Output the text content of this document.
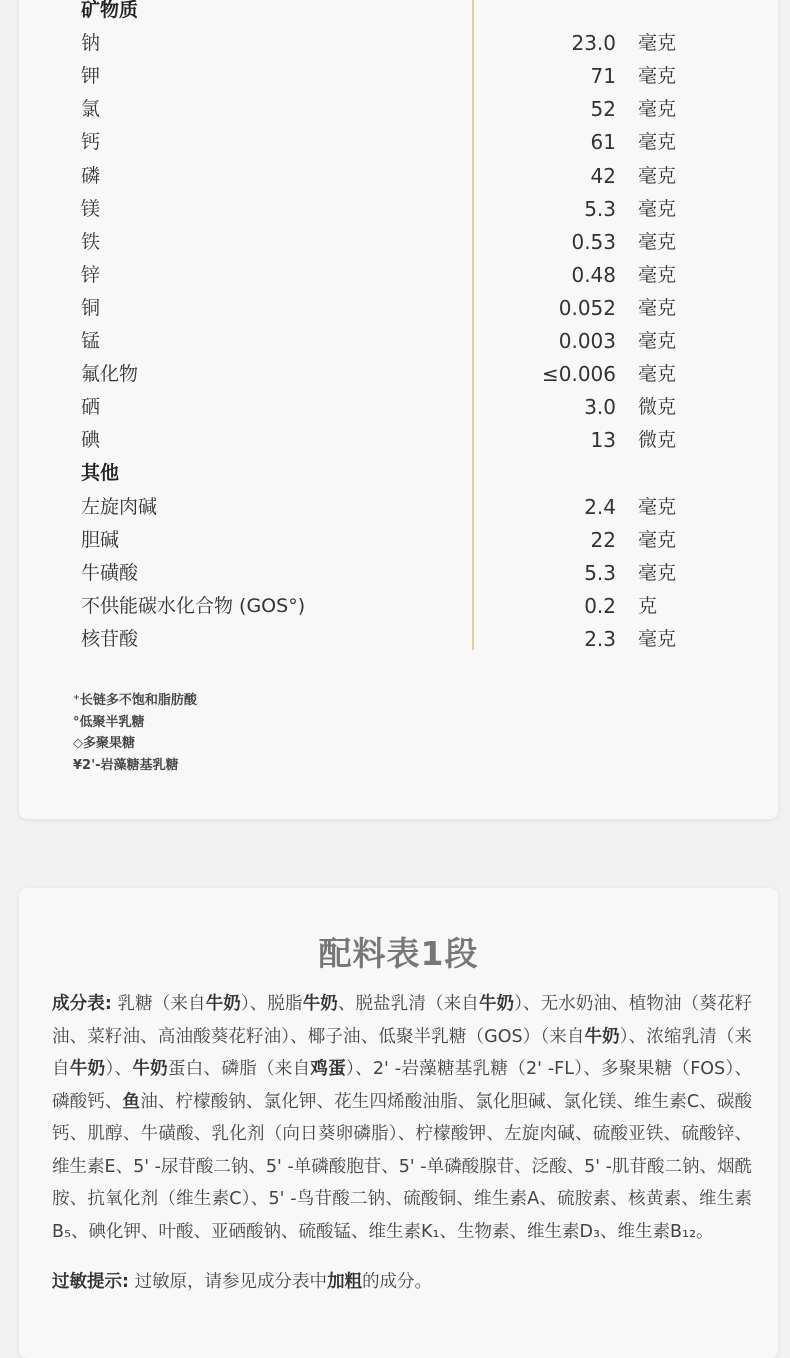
矿物质
钠	23.0 毫克
钾	71 毫克
氯	52 毫克
钙	61 毫克
磷	42 毫克
镁	5.3 毫克
铁	0.53 毫克
锌	0.48 毫克
铜	0.052 毫克
锰	0.003 毫克
氟化物	≤0.006 毫克
硒	3.0 微克
碘	13 微克
其他
左旋肉碱	2.4 毫克
胆碱	22 毫克
牛磺酸	5.3 毫克
不供能碳水化合物 (GOS°)	0.2 克
核苷酸	2.3 毫克
⁺长链多不饱和脂肪酸
°低聚半乳糖
◇多聚果糖
¥2'-岩藻糖基乳糖
配料表1段
成分表: 乳糖（来自牛奶）、脱脂牛奶、脱盐乳清（来自牛奶）、无水奶油、植物油（葵花籽油、菜籽油、高油酸葵花籽油）、椰子油、低聚半乳糖（GOS）（来自牛奶）、浓缩乳清（来自牛奶）、牛奶蛋白、磷脂（来自鸡蛋）、2' -岩藻糖基乳糖（2' -FL）、多聚果糖（FOS）、磷酸钙、鱼油、柠檬酸钠、氯化钾、花生四烯酸油脂、氯化胆碱、氯化镁、维生素C、碳酸钙、肌醇、牛磺酸、乳化剂（向日葵卵磷脂）、柠檬酸钾、左旋肉碱、硫酸亚铁、硫酸锌、维生素E、5' -尿苷酸二钠、5' -单磷酸胞苷、5' -单磷酸腺苷、泛酸、5' -肌苷酸二钠、烟酰胺、抗氧化剂（维生素C）、5' -鸟苷酸二钠、硫酸铜、维生素A、硫胺素、核黄素、维生素B₅、碘化钾、叶酸、亚硒酸钠、硫酸锰、维生素K₁、生物素、维生素D₃、维生素B₁₂。
过敏提示: 过敏原，请参见成分表中加粗的成分。
